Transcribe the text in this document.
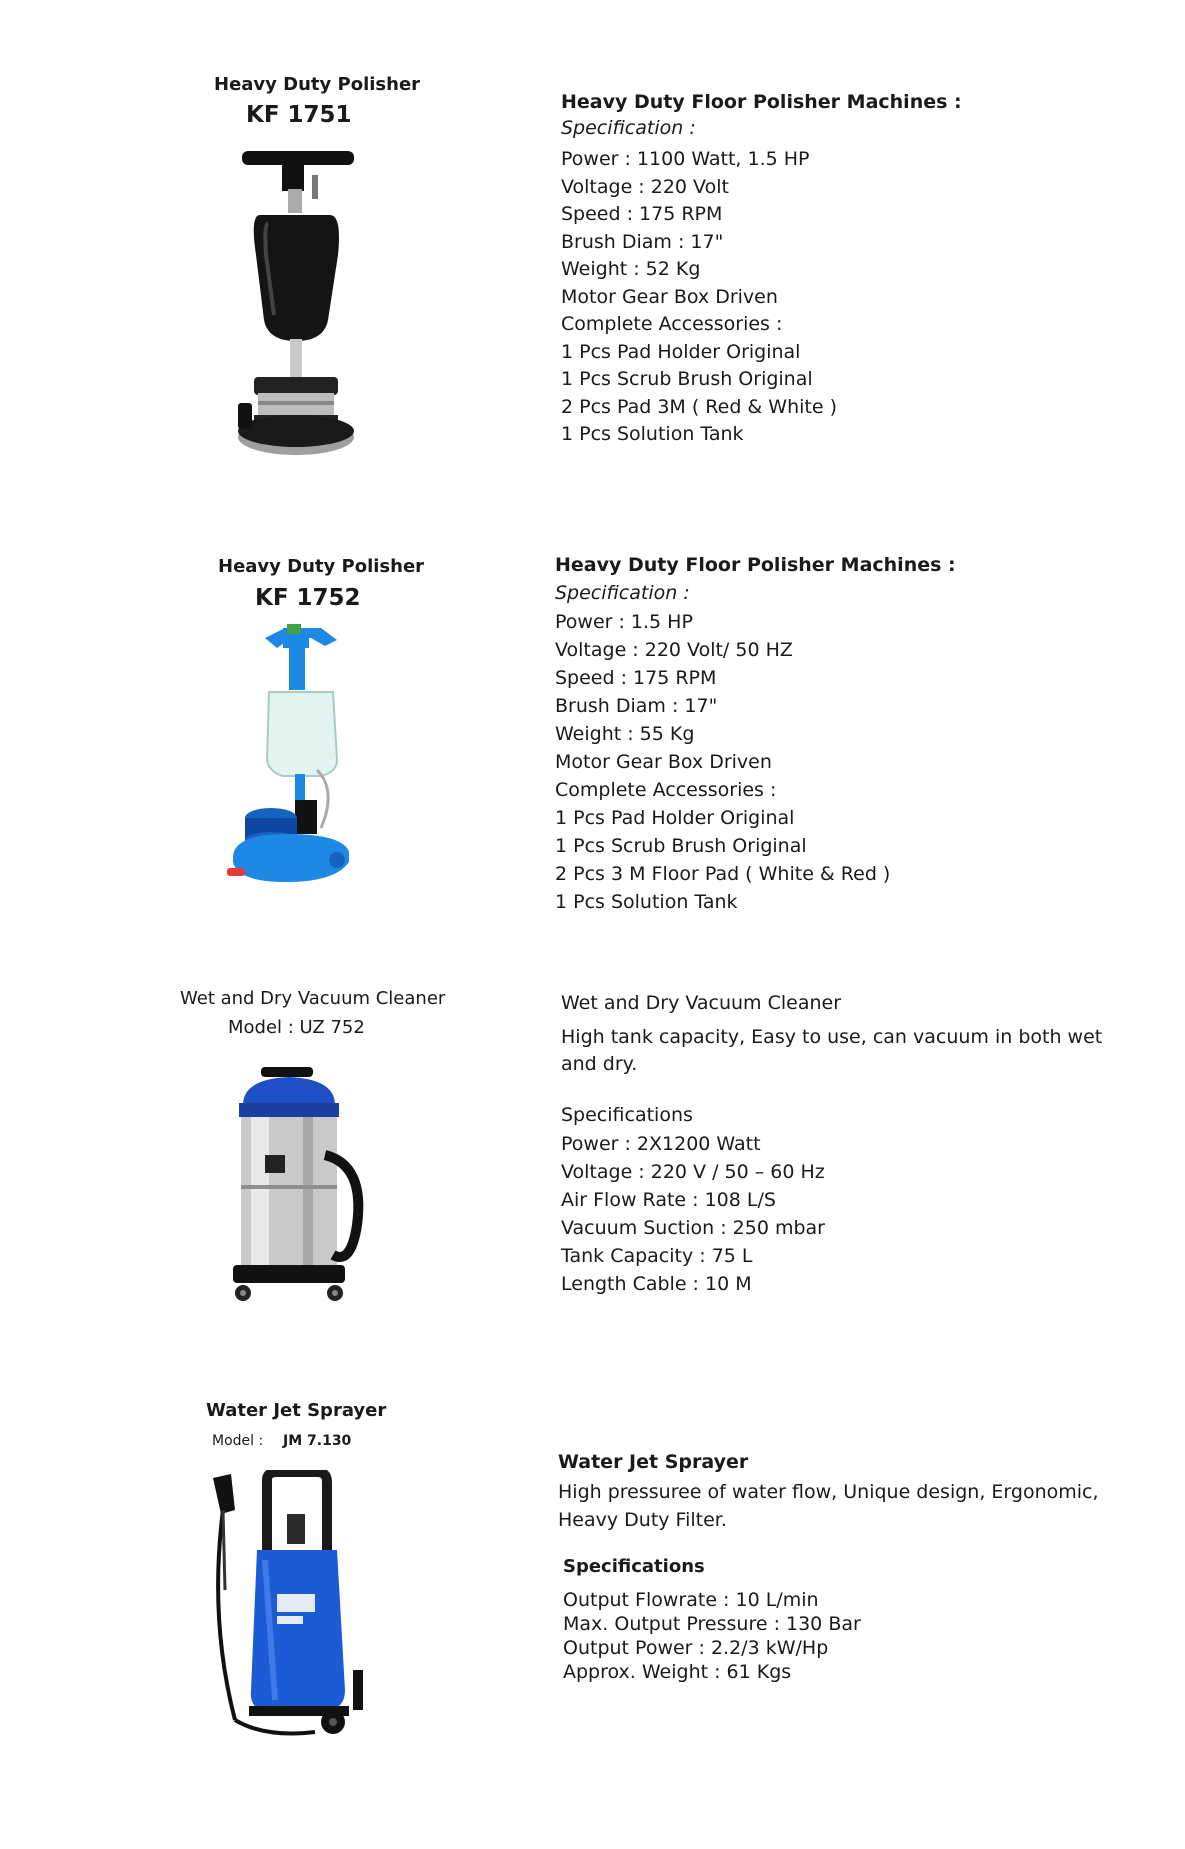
Heavy Duty Polisher
KF 1751	Heavy Duty Floor Polisher Machines :
Specification :
Power : 1100 Watt, 1.5 HP
Voltage : 220 Volt
Speed : 175 RPM
Brush Diam : 17"
Weight : 52 Kg
Motor Gear Box Driven
Complete Accessories :
1 Pcs Pad Holder Original
1 Pcs Scrub Brush Original
2 Pcs Pad 3M ( Red & White )
1 Pcs Solution Tank
Heavy Duty Polisher
KF 1752
Heavy Duty Floor Polisher Machines :
Specification :
Power : 1.5 HP
Voltage : 220 Volt/ 50 HZ
Speed : 175 RPM
Brush Diam : 17"
Weight : 55 Kg
Motor Gear Box Driven
Complete Accessories :
1 Pcs Pad Holder Original
1 Pcs Scrub Brush Original
2 Pcs 3 M Floor Pad ( White & Red )
1 Pcs Solution Tank
Wet and Dry Vacuum Cleaner
Model : UZ 752
Wet and Dry Vacuum Cleaner
High tank capacity, Easy to use, can vacuum in both wet
and dry.
Specifications
Power : 2X1200 Watt
Voltage : 220 V / 50 – 60 Hz
Air Flow Rate : 108 L/S
Vacuum Suction : 250 mbar
Tank Capacity : 75 L
Length Cable : 10 M
Water Jet Sprayer
Model : JM 7.130
Water Jet Sprayer
High pressuree of water flow, Unique design, Ergonomic,
Heavy Duty Filter.
Specifications
Output Flowrate : 10 L/min
Max. Output Pressure : 130 Bar
Output Power : 2.2/3 kW/Hp
Approx. Weight : 61 Kgs
